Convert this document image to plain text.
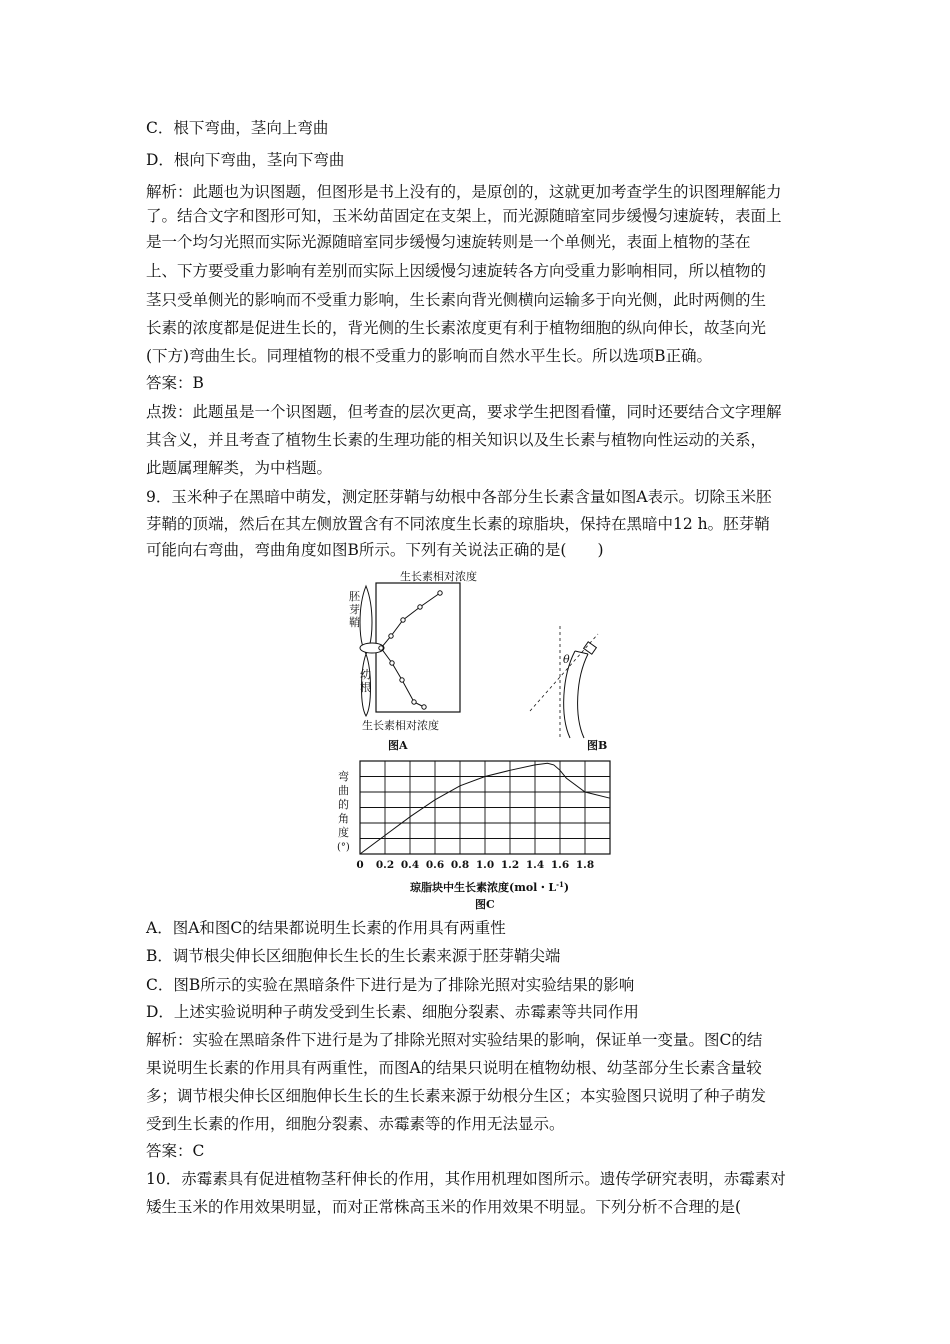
C．根下弯曲，茎向上弯曲
D．根向下弯曲，茎向下弯曲
解析：此题也为识图题，但图形是书上没有的，是原创的，这就更加考查学生的识图理解能力
了。结合文字和图形可知，玉米幼苗固定在支架上，而光源随暗室同步缓慢匀速旋转，表面上
是一个均匀光照而实际光源随暗室同步缓慢匀速旋转则是一个单侧光，表面上植物的茎在
上、下方要受重力影响有差别而实际上因缓慢匀速旋转各方向受重力影响相同，所以植物的
茎只受单侧光的影响而不受重力影响，生长素向背光侧横向运输多于向光侧，此时两侧的生
长素的浓度都是促进生长的，背光侧的生长素浓度更有利于植物细胞的纵向伸长，故茎向光
(下方)弯曲生长。同理植物的根不受重力的影响而自然水平生长。所以选项B正确。
答案：B
点拨：此题虽是一个识图题，但考查的层次更高，要求学生把图看懂，同时还要结合文字理解
其含义，并且考查了植物生长素的生理功能的相关知识以及生长素与植物向性运动的关系，
此题属理解类，为中档题。
9．玉米种子在黑暗中萌发，测定胚芽鞘与幼根中各部分生长素含量如图A表示。切除玉米胚
芽鞘的顶端，然后在其左侧放置含有不同浓度生长素的琼脂块，保持在黑暗中12 h。胚芽鞘
可能向右弯曲，弯曲角度如图B所示。下列有关说法正确的是(　　)
生长素相对浓度
胚
芽
鞘
幼
根
生长素相对浓度
图A
θ
图B
弯
曲
的
角
度
(°)
0 0.2 0.4 0.6 0.8 1.0 1.2 1.4 1.6 1.8
琼脂块中生长素浓度(mol・$L^{-1}$)
图C
A．图A和图C的结果都说明生长素的作用具有两重性
B．调节根尖伸长区细胞伸长生长的生长素来源于胚芽鞘尖端
C．图B所示的实验在黑暗条件下进行是为了排除光照对实验结果的影响
D．上述实验说明种子萌发受到生长素、细胞分裂素、赤霉素等共同作用
解析：实验在黑暗条件下进行是为了排除光照对实验结果的影响，保证单一变量。图C的结
果说明生长素的作用具有两重性，而图A的结果只说明在植物幼根、幼茎部分生长素含量较
多；调节根尖伸长区细胞伸长生长的生长素来源于幼根分生区；本实验图只说明了种子萌发
受到生长素的作用，细胞分裂素、赤霉素等的作用无法显示。
答案：C
10．赤霉素具有促进植物茎秆伸长的作用，其作用机理如图所示。遗传学研究表明，赤霉素对
矮生玉米的作用效果明显，而对正常株高玉米的作用效果不明显。下列分析不合理的是(
